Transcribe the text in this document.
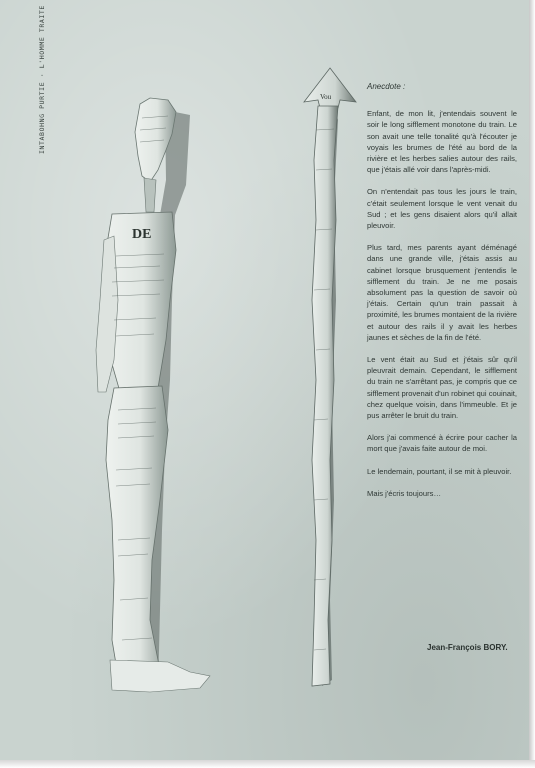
INTABOHNG PURTIE · L'HOMME TRAITE
DE
Vou
Anecdote :

Enfant, de mon lit, j'entendais souvent le soir le long sifflement monotone du train. Le son avait une telle tonalité qu'à l'écouter je voyais les brumes de l'été au bord de la rivière et les herbes salies autour des rails, que j'étais allé voir dans l'après-midi.

On n'entendait pas tous les jours le train, c'était seulement lorsque le vent venait du Sud ; et les gens disaient alors qu'il allait pleuvoir.

Plus tard, mes parents ayant déménagé dans une grande ville, j'étais assis au cabinet lorsque brusquement j'entendis le sifflement du train. Je ne me posais absolument pas la question de savoir où j'étais. Certain qu'un train passait à proximité, les brumes montaient de la rivière et autour des rails il y avait les herbes jaunes et sèches de la fin de l'été.

Le vent était au Sud et j'étais sûr qu'il pleuvrait demain. Cependant, le sifflement du train ne s'arrêtant pas, je compris que ce sifflement provenait d'un robinet qui couinait, chez quelque voisin, dans l'immeuble. Et je pus arrêter le bruit du train.

Alors j'ai commencé à écrire pour cacher la mort que j'avais faite autour de moi.

Le lendemain, pourtant, il se mit à pleuvoir.

Mais j'écris toujours…

Jean-François BORY.
